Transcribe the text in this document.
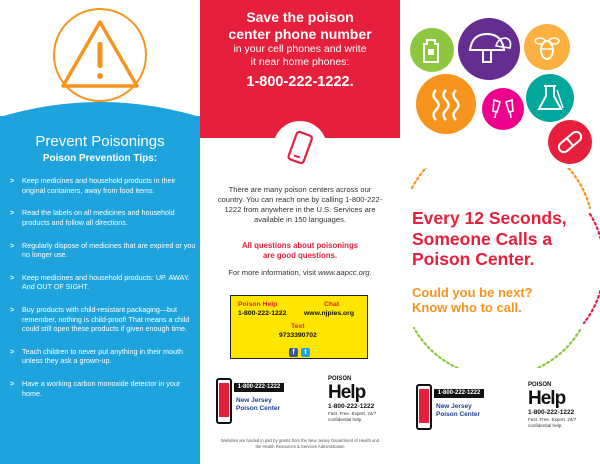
Prevent Poisonings
Poison Prevention Tips:
> Keep medicines and household products in their original containers, away from food items.
> Read the labels on all medicines and household products and follow all directions.
> Regularly dispose of medicines that are expired or you no longer use.
> Keep medicines and household products: UP. AWAY. And OUT OF SIGHT.
> Buy products with child-resistant packaging—but remember, nothing is child-proof! That means a child could still open these products if given enough time.
> Teach children to never put anything in their mouth unless they ask a grown-up.
> Have a working carbon monoxide detector in your home.
Save the poison
center phone number
in your cell phones and write
it near home phones:
1-800-222-1222.
There are many poison centers across our country. You can reach one by calling 1-800-222-1222 from anywhere in the U.S. Services are available in 150 languages.
All questions about poisonings
are good questions.
For more information, visit www.aapcc.org.
Poison Help
1-800-222-1222
Chat
www.njpies.org
Text
9733390702
f	t
1-800-222-1222
New Jersey
Poison Center
POISON
Help
1-800-222-1222
Fast. Free. Expert. 24/7 confidential help.
Websites are funded in part by grants from the New Jersey Department of Health and the Health Resources & Services Administration
Every 12 Seconds,
Someone Calls a
Poison Center.
Could you be next?
Know who to call.
1-800-222-1222
New Jersey
Poison Center
POISON
Help
1-800-222-1222
Fast. Free. Expert. 24/7 confidential help.
